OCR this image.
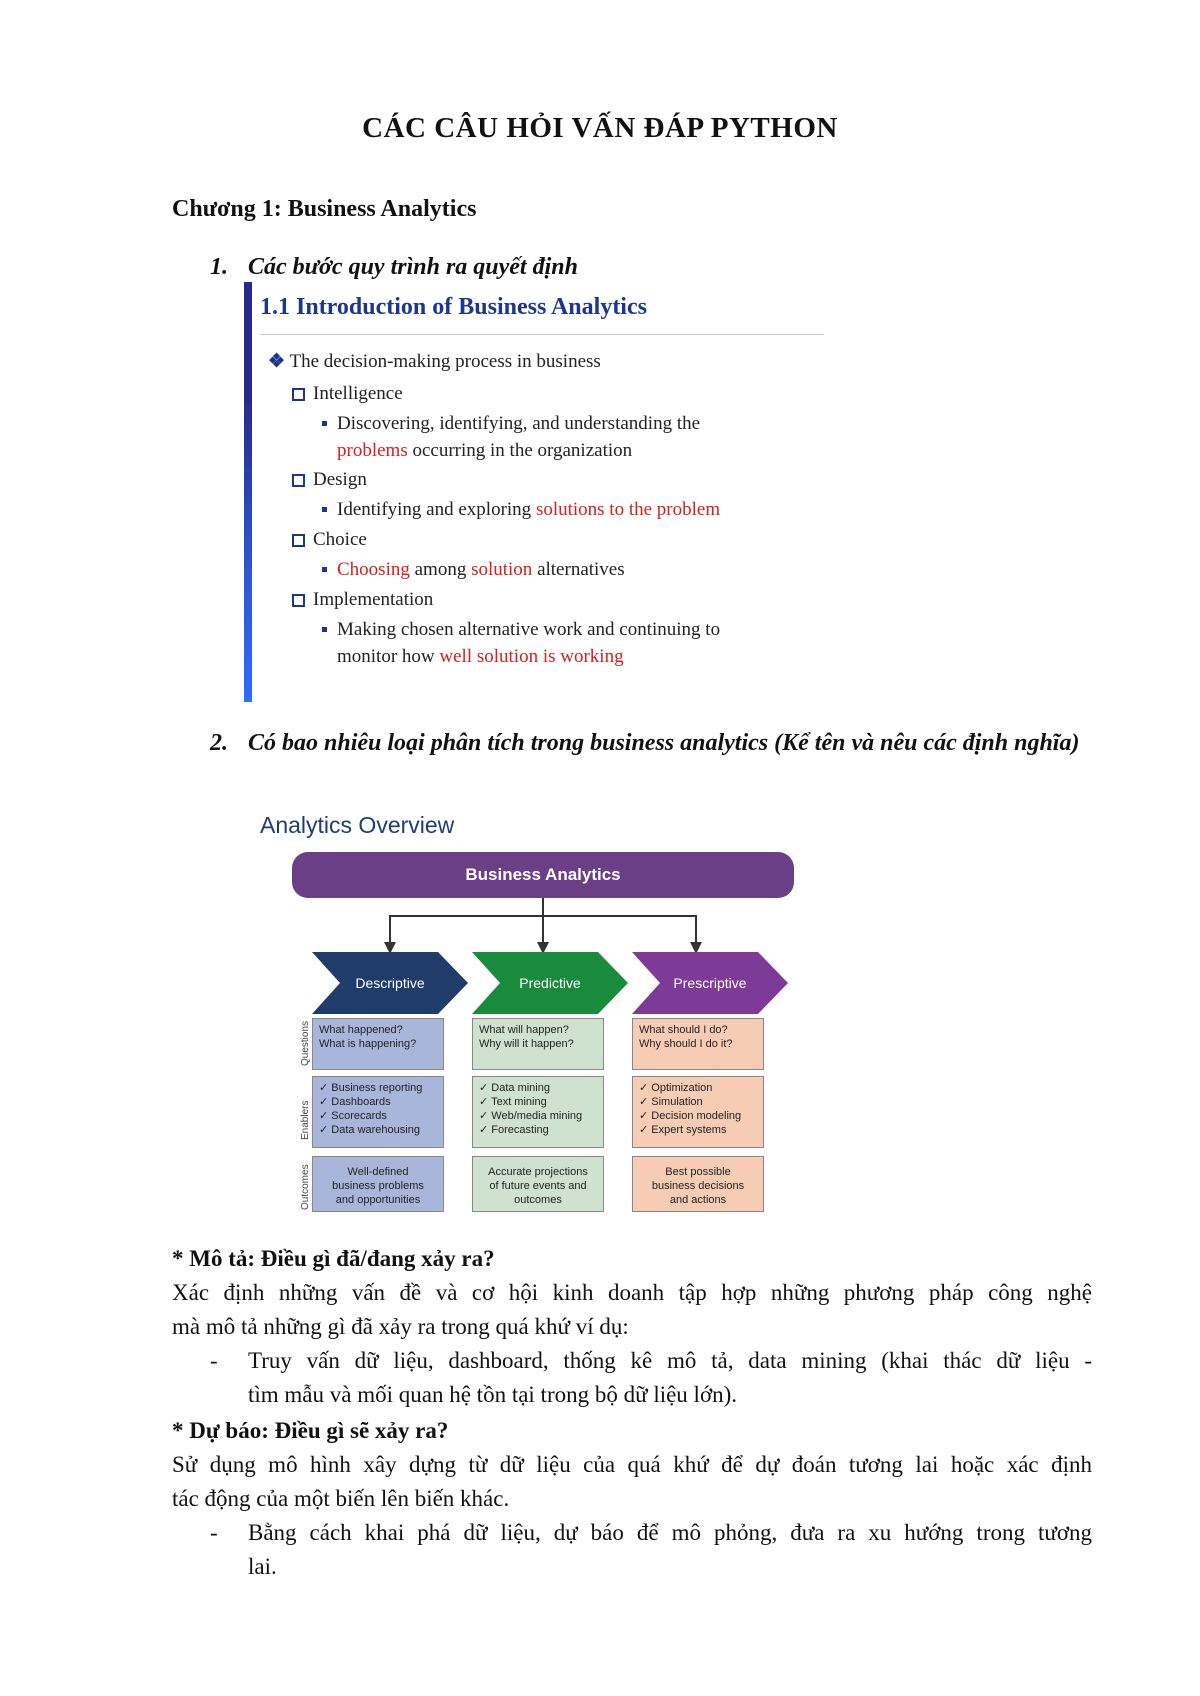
CÁC CÂU HỎI VẤN ĐÁP PYTHON
Chương 1: Business Analytics
1. Các bước quy trình ra quyết định
1.1 Introduction of Business Analytics
❖ The decision-making process in business
Intelligence
Discovering, identifying, and understanding the
problems occurring in the organization
Design
Identifying and exploring solutions to the problem
Choice
Choosing among solution alternatives
Implementation
Making chosen alternative work and continuing to
monitor how well solution is working
2. Có bao nhiêu loại phân tích trong business analytics (Kể tên và nêu các định nghĩa)
Analytics Overview
Business Analytics
Descriptive	Predictive	Prescriptive
Questions
Enablers
Outcomes
What happened?
What is happening?
✓ Business reporting
✓ Dashboards
✓ Scorecards
✓ Data warehousing
Well-defined
business problems
and opportunities
What will happen?
Why will it happen?
✓ Data mining
✓ Text mining
✓ Web/media mining
✓ Forecasting
Accurate projections
of future events and
outcomes
What should I do?
Why should I do it?
✓ Optimization
✓ Simulation
✓ Decision modeling
✓ Expert systems
Best possible
business decisions
and actions
* Mô tả: Điều gì đã/đang xảy ra?
Xác định những vấn đề và cơ hội kinh doanh tập hợp những phương pháp công nghệ
mà mô tả những gì đã xảy ra trong quá khứ ví dụ:
- Truy vấn dữ liệu, dashboard, thống kê mô tả, data mining (khai thác dữ liệu -
tìm mẫu và mối quan hệ tồn tại trong bộ dữ liệu lớn).
* Dự báo: Điều gì sẽ xảy ra?
Sử dụng mô hình xây dựng từ dữ liệu của quá khứ để dự đoán tương lai hoặc xác định
tác động của một biến lên biến khác.
- Bằng cách khai phá dữ liệu, dự báo để mô phỏng, đưa ra xu hướng trong tương
lai.
